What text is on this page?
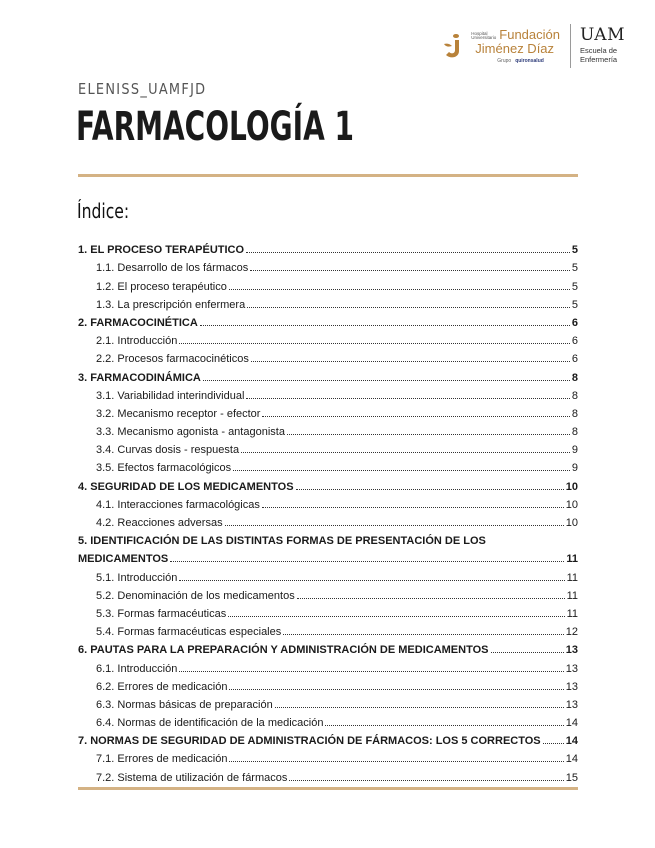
Hospital
Universitario Fundación
Jiménez Díaz
Grupo quironsalud
UAM
Escuela de
Enfermería
ELENISS_UAMFJD
FARMACOLOGÍA 1
Índice:
1. EL PROCESO TERAPÉUTICO	5
1.1. Desarrollo de los fármacos	5
1.2. El proceso terapéutico	5
1.3. La prescripción enfermera	5
2. FARMACOCINÉTICA	6
2.1. Introducción	6
2.2. Procesos farmacocinéticos	6
3. FARMACODINÁMICA	8
3.1. Variabilidad interindividual	8
3.2. Mecanismo receptor - efector	8
3.3. Mecanismo agonista - antagonista	8
3.4. Curvas dosis - respuesta	9
3.5. Efectos farmacológicos	9
4. SEGURIDAD DE LOS MEDICAMENTOS	10
4.1. Interacciones farmacológicas	10
4.2. Reacciones adversas	10
5. IDENTIFICACIÓN DE LAS DISTINTAS FORMAS DE PRESENTACIÓN DE LOS
MEDICAMENTOS	11
5.1. Introducción	11
5.2. Denominación de los medicamentos	11
5.3. Formas farmacéuticas	11
5.4. Formas farmacéuticas especiales	12
6. PAUTAS PARA LA PREPARACIÓN Y ADMINISTRACIÓN DE MEDICAMENTOS	13
6.1. Introducción	13
6.2. Errores de medicación	13
6.3. Normas básicas de preparación	13
6.4. Normas de identificación de la medicación	14
7. NORMAS DE SEGURIDAD DE ADMINISTRACIÓN DE FÁRMACOS: LOS 5 CORRECTOS 14
7.1. Errores de medicación	14
7.2. Sistema de utilización de fármacos	15
